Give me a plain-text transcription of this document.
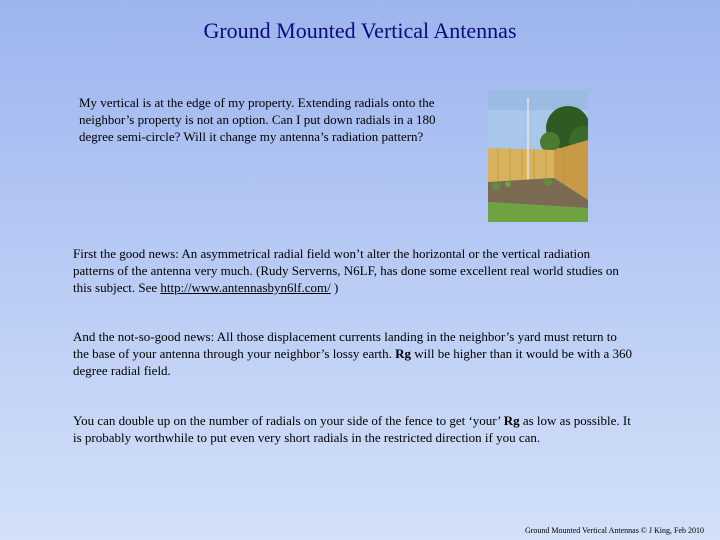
Ground Mounted Vertical Antennas
My vertical is at the edge of my property. Extending radials onto the neighbor’s property is not an option. Can I put down radials in a 180 degree semi-circle? Will it change my antenna’s radiation pattern?
First the good news: An asymmetrical radial field won’t alter the horizontal or the vertical radiation patterns of the antenna very much. (Rudy Serverns, N6LF, has done some excellent real world studies on this subject. See http://www.antennasbyn6lf.com/ )
And the not-so-good news: All those displacement currents landing in the neighbor’s yard must return to the base of your antenna through your neighbor’s lossy earth. Rg will be higher than it would be with a 360 degree radial field.
You can double up on the number of radials on your side of the fence to get ‘your’ Rg as low as possible. It is probably worthwhile to put even very short radials in the restricted direction if you can.
Ground Mounted Vertical Antennas © J King, Feb 2010
